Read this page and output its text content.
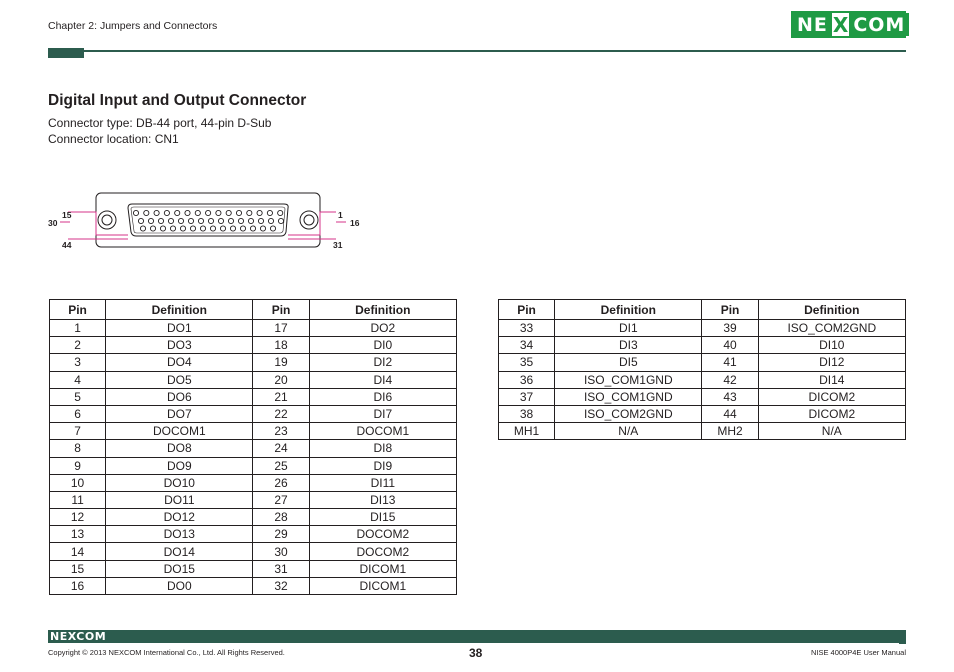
Chapter 2: Jumpers and Connectors	NE X COM
Digital Input and Output Connector
Connector type: DB-44 port, 44-pin D-Sub
Connector location: CN1
15	1
30	16
44	31
Pin	Definition	Pin	Definition
1	DO1	17	DO2
2	DO3	18	DI0
3	DO4	19	DI2
4	DO5	20	DI4
5	DO6	21	DI6
6	DO7	22	DI7
7	DOCOM1	23	DOCOM1
8	DO8	24	DI8
9	DO9	25	DI9
10	DO10	26	DI11
11	DO11	27	DI13
12	DO12	28	DI15
13	DO13	29	DOCOM2
14	DO14	30	DOCOM2
15	DO15	31	DICOM1
16	DO0	32	DICOM1
Pin	Definition	Pin	Definition
33	DI1	39	ISO_COM2GND
34	DI3	40	DI10
35	DI5	41	DI12
36	ISO_COM1GND	42	DI14
37	ISO_COM1GND	43	DICOM2
38	ISO_COM2GND	44	DICOM2
MH1	N/A	MH2	N/A
NEXCOM
Copyright © 2013 NEXCOM International Co., Ltd. All Rights Reserved.	38	NISE 4000P4E User Manual
